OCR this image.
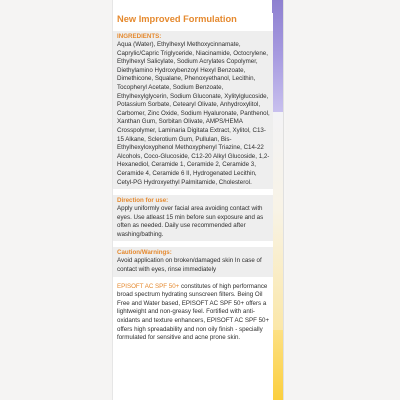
New Improved Formulation
INGREDIENTS:

Aqua (Water), Ethylhexyl Methoxycinnamate, Caprylic/Capric Triglyceride, Niacinamide, Octocrylene, Ethylhexyl Salicylate, Sodium Acrylates Copolymer, Diethylamino Hydroxybenzoyl Hexyl Benzoate, Dimethicone, Squalane, Phenoxyethanol, Lecithin, Tocopheryl Acetate, Sodium Benzoate, Ethylhexylglycerin, Sodium Gluconate, Xylitylglucoside, Potassium Sorbate, Cetearyl Olivate, Anhydroxylitol, Carbomer, Zinc Oxide, Sodium Hyaluronate, Panthenol, Xanthan Gum, Sorbitan Olivate, AMPS/HEMA Crosspolymer, Laminaria Digitata Extract, Xylitol, C13-15 Alkane, Sclerotium Gum, Pullulan, Bis-Ethylhexyloxyphenol Methoxyphenyl Triazine, C14-22 Alcohols, Coco-Glucoside, C12-20 Alkyl Glucoside, 1,2-Hexanediol, Ceramide 1, Ceramide 2, Ceramide 3, Ceramide 4, Ceramide 6 II, Hydrogenated Lecithin, Cetyl-PG Hydroxyethyl Palmitamide, Cholesterol.

Direction for use:

Apply uniformly over facial area avoiding contact with eyes. Use atleast 15 min before sun exposure and as often as needed. Daily use recommended after washing/bathing.

Caution/Warnings:

Avoid application on broken/damaged skin In case of contact with eyes, rinse immediately

EPISOFT AC SPF 50+ constitutes of high performance broad spectrum hydrating sunscreen filters. Being Oil Free and Water based, EPISOFT AC SPF 50+ offers a lightweight and non-greasy feel. Fortified with anti- oxidants and texture enhancers, EPISOFT AC SPF 50+ offers high spreadability and non oily finish - specially formulated for sensitive and acne prone skin.
